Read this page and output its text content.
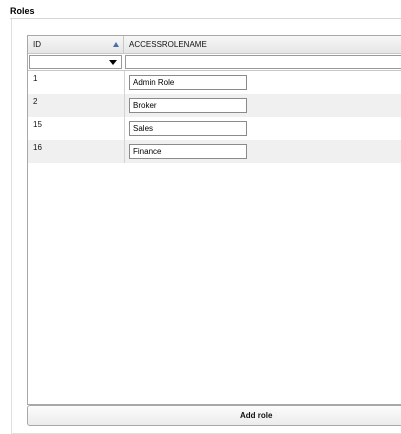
Roles
ID	ACCESSROLENAME
1
Admin Role
2
Broker
15
Sales
16
Finance
Add role
